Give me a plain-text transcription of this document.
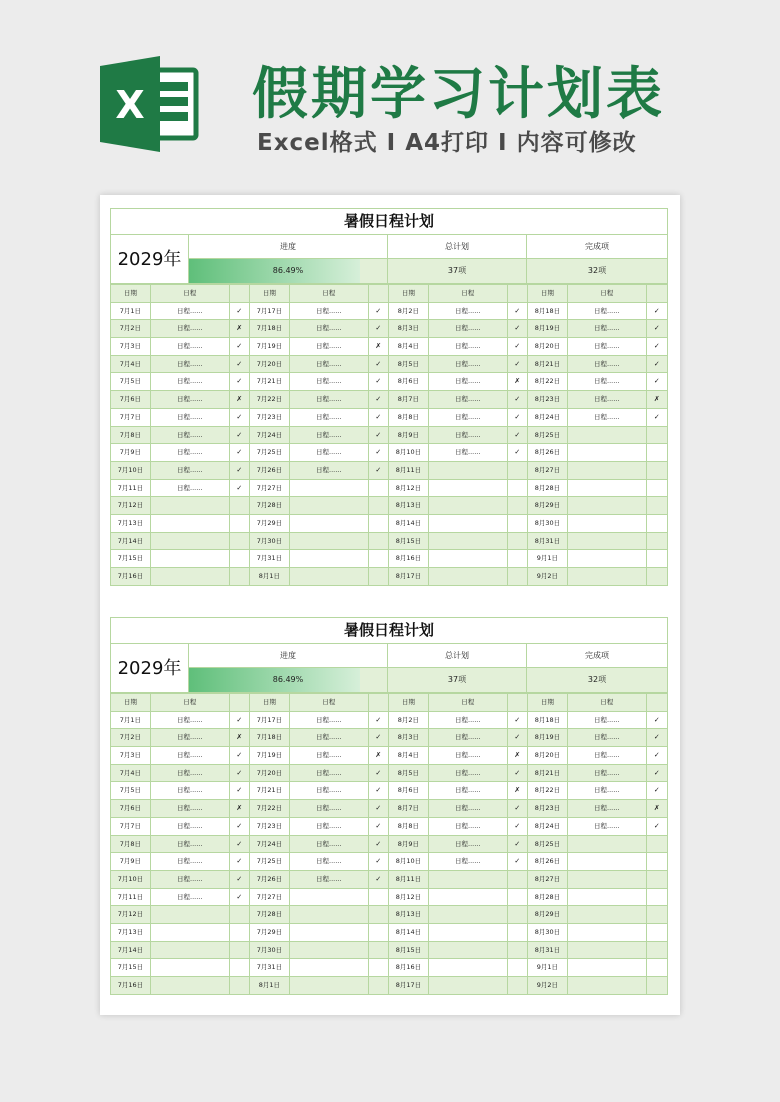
X 假期学习计划表
Excel格式 I A4打印 I 内容可修改
暑假日程计划
2029年
进度
86.49%
总计划
37项
完成项
32项
日期	日程	日期	日程	日期	日程	日期	日程
7月1日	日程......	✓	7月17日	日程......	✓	8月2日	日程......	✓	8月18日	日程......	✓
7月2日	日程......	✗	7月18日	日程......	✓	8月3日	日程......	✓	8月19日	日程......	✓
7月3日	日程......	✓	7月19日	日程......	✗	8月4日	日程......	✓	8月20日	日程......	✓
7月4日	日程......	✓	7月20日	日程......	✓	8月5日	日程......	✓	8月21日	日程......	✓
7月5日	日程......	✓	7月21日	日程......	✓	8月6日	日程......	✗	8月22日	日程......	✓
7月6日	日程......	✗	7月22日	日程......	✓	8月7日	日程......	✓	8月23日	日程......	✗
7月7日	日程......	✓	7月23日	日程......	✓	8月8日	日程......	✓	8月24日	日程......	✓
7月8日	日程......	✓	7月24日	日程......	✓	8月9日	日程......	✓	8月25日
7月9日	日程......	✓	7月25日	日程......	✓	8月10日	日程......	✓	8月26日
7月10日	日程......	✓	7月26日	日程......	✓	8月11日	8月27日
7月11日	日程......	✓	7月27日	8月12日	8月28日
7月12日	7月28日	8月13日	8月29日
7月13日	7月29日	8月14日	8月30日
7月14日	7月30日	8月15日	8月31日
7月15日	7月31日	8月16日	9月1日
7月16日	8月1日	8月17日	9月2日
暑假日程计划
2029年
进度
86.49%
总计划
37项
完成项
32项
日期	日程	日期	日程	日期	日程	日期	日程
7月1日	日程......	✓	7月17日	日程......	✓	8月2日	日程......	✓	8月18日	日程......	✓
7月2日	日程......	✗	7月18日	日程......	✓	8月3日	日程......	✓	8月19日	日程......	✓
7月3日	日程......	✓	7月19日	日程......	✗	8月4日	日程......	✗	8月20日	日程......	✓
7月4日	日程......	✓	7月20日	日程......	✓	8月5日	日程......	✓	8月21日	日程......	✓
7月5日	日程......	✓	7月21日	日程......	✓	8月6日	日程......	✗	8月22日	日程......	✓
7月6日	日程......	✗	7月22日	日程......	✓	8月7日	日程......	✓	8月23日	日程......	✗
7月7日	日程......	✓	7月23日	日程......	✓	8月8日	日程......	✓	8月24日	日程......	✓
7月8日	日程......	✓	7月24日	日程......	✓	8月9日	日程......	✓	8月25日
7月9日	日程......	✓	7月25日	日程......	✓	8月10日	日程......	✓	8月26日
7月10日	日程......	✓	7月26日	日程......	✓	8月11日	8月27日
7月11日	日程......	✓	7月27日	8月12日	8月28日
7月12日	7月28日	8月13日	8月29日
7月13日	7月29日	8月14日	8月30日
7月14日	7月30日	8月15日	8月31日
7月15日	7月31日	8月16日	9月1日
7月16日	8月1日	8月17日	9月2日
